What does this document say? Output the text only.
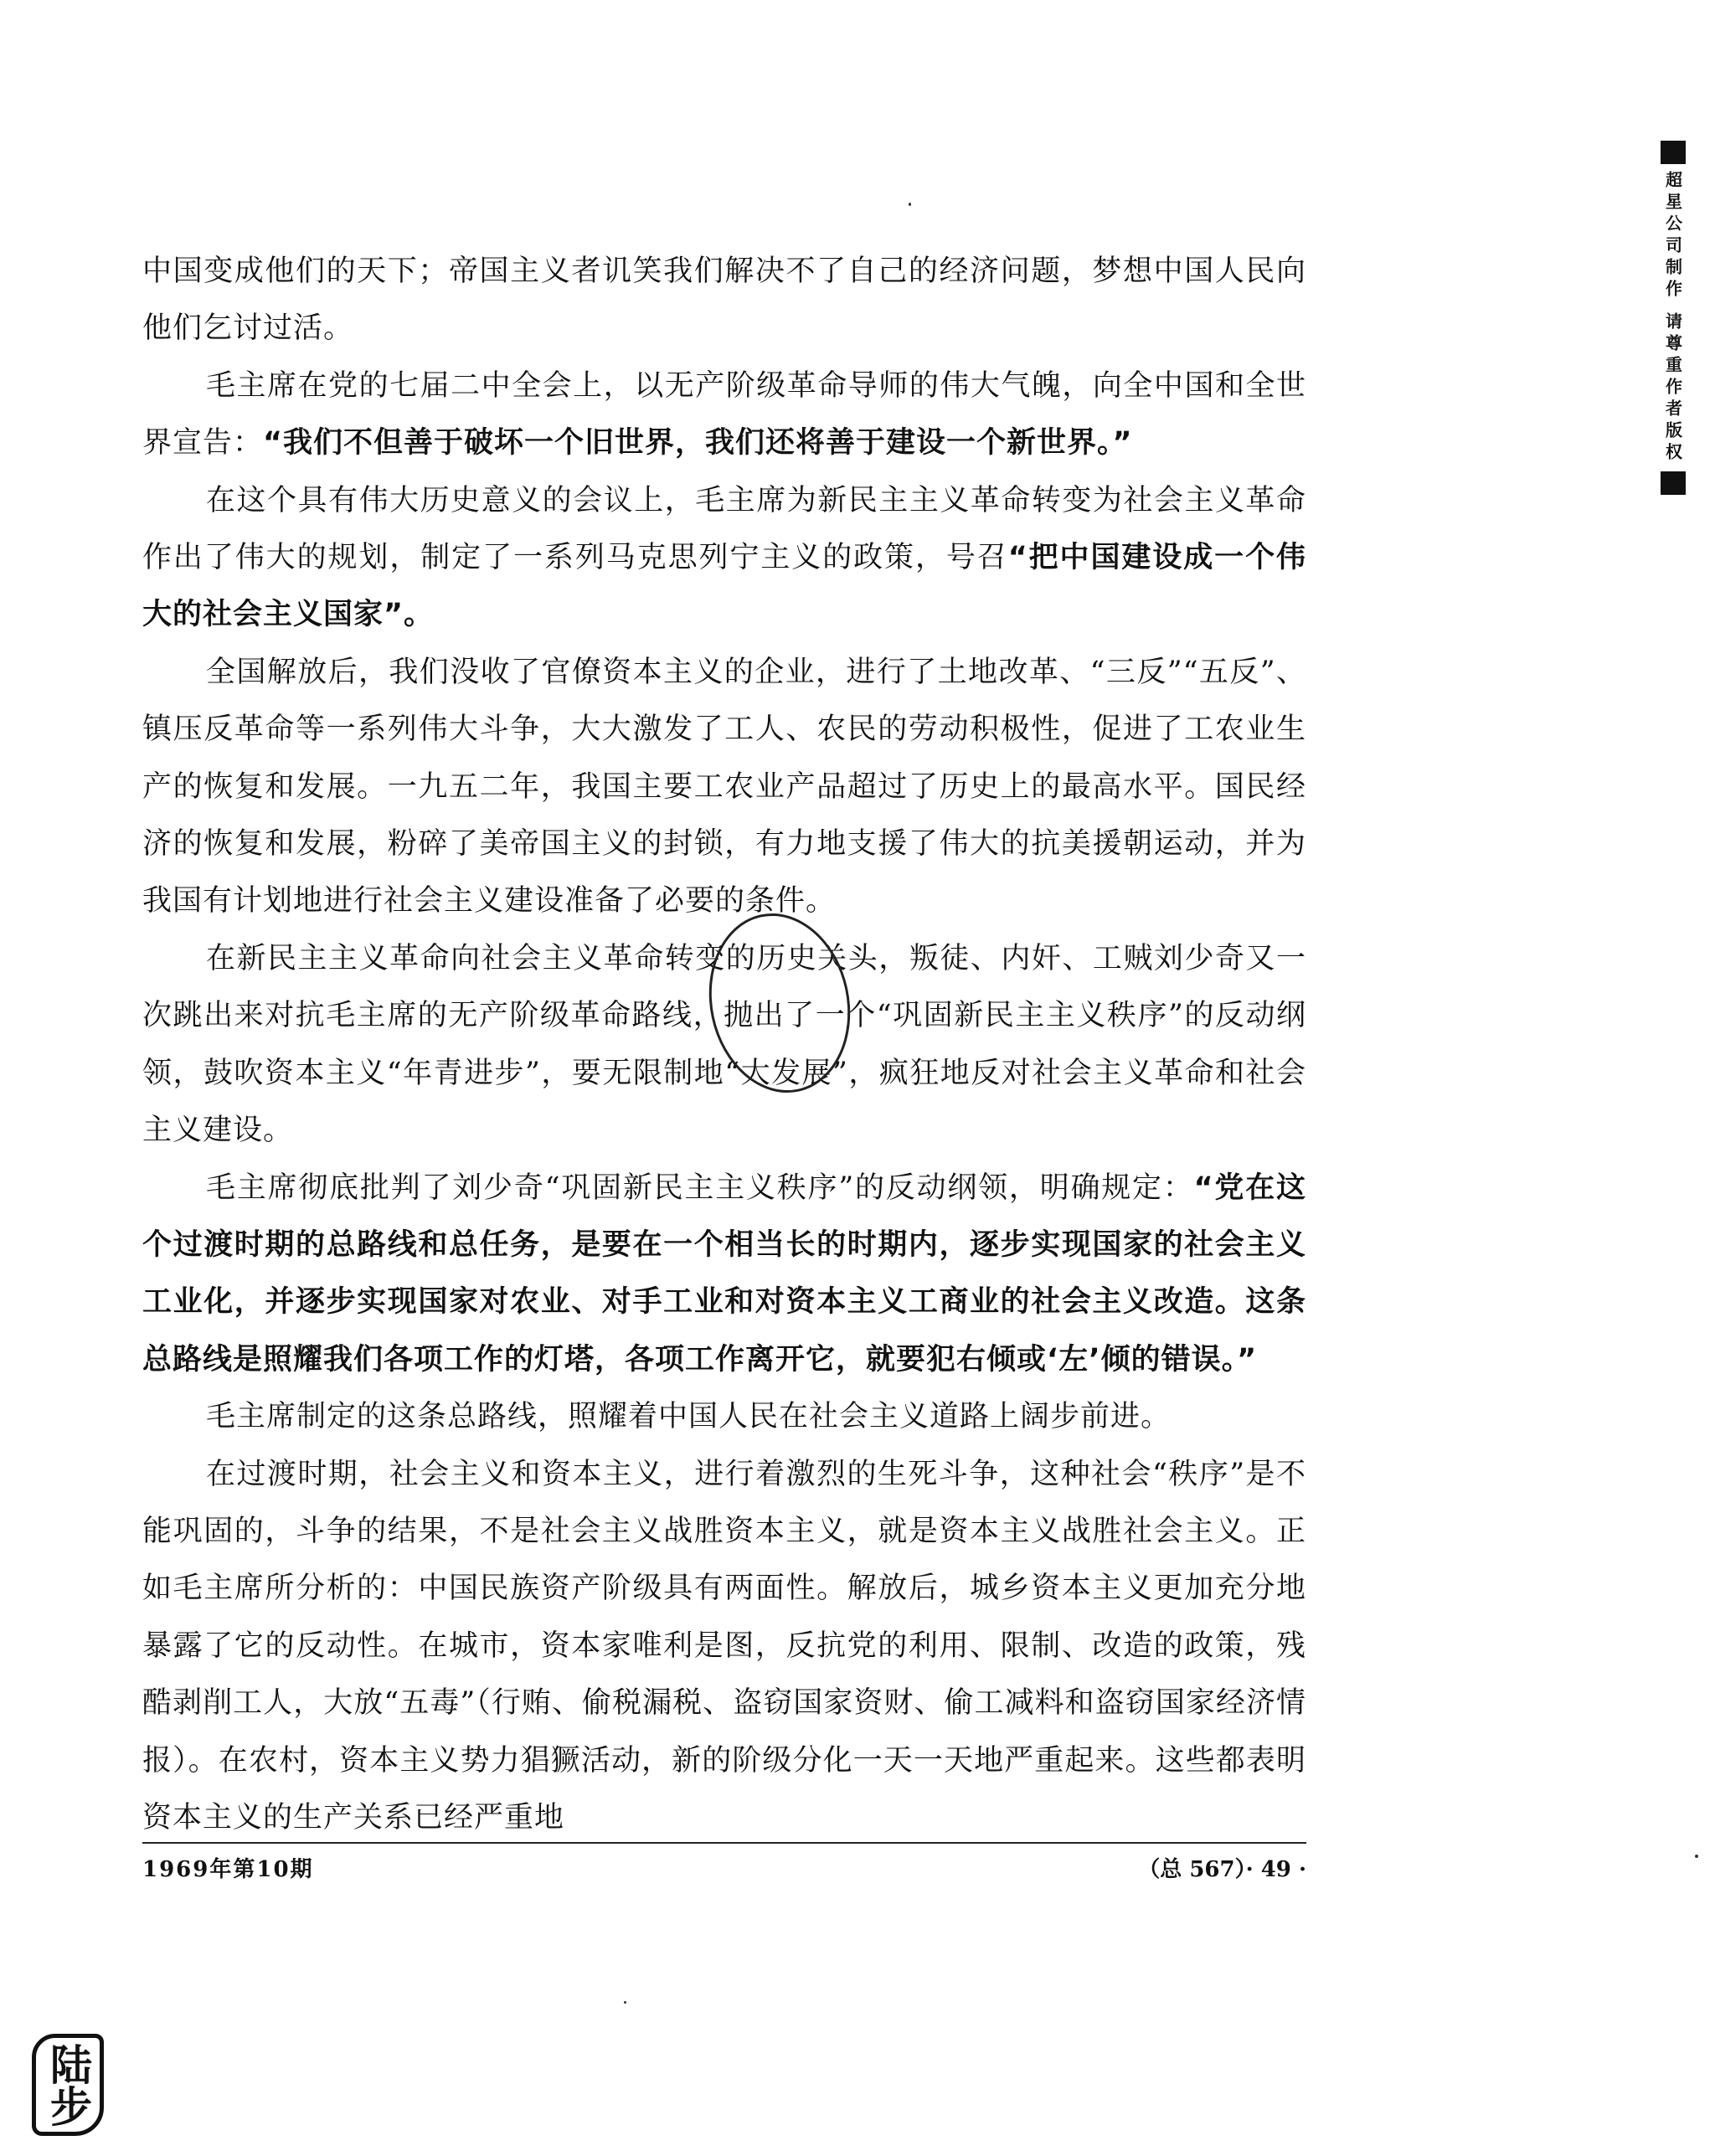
中国变成他们的天下；帝国主义者讥笑我们解决不了自己的经济问题，梦想中国人民向他们乞讨过活。

毛主席在党的七届二中全会上，以无产阶级革命导师的伟大气魄，向全中国和全世界宣告：“我们不但善于破坏一个旧世界，我们还将善于建设一个新世界。”

在这个具有伟大历史意义的会议上，毛主席为新民主主义革命转变为社会主义革命作出了伟大的规划，制定了一系列马克思列宁主义的政策，号召“把中国建设成一个伟大的社会主义国家”。

全国解放后，我们没收了官僚资本主义的企业，进行了土地改革、“三反”“五反”、镇压反革命等一系列伟大斗争，大大激发了工人、农民的劳动积极性，促进了工农业生产的恢复和发展。一九五二年，我国主要工农业产品超过了历史上的最高水平。国民经济的恢复和发展，粉碎了美帝国主义的封锁，有力地支援了伟大的抗美援朝运动，并为我国有计划地进行社会主义建设准备了必要的条件。

在新民主主义革命向社会主义革命转变的历史关头，叛徒、内奸、工贼刘少奇又一次跳出来对抗毛主席的无产阶级革命路线，抛出了一个“巩固新民主主义秩序”的反动纲领，鼓吹资本主义“年青进步”，要无限制地“大发展”，疯狂地反对社会主义革命和社会主义建设。

毛主席彻底批判了刘少奇“巩固新民主主义秩序”的反动纲领，明确规定：“党在这个过渡时期的总路线和总任务，是要在一个相当长的时期内，逐步实现国家的社会主义工业化，并逐步实现国家对农业、对手工业和对资本主义工商业的社会主义改造。这条总路线是照耀我们各项工作的灯塔，各项工作离开它，就要犯右倾或‘左’倾的错误。”

毛主席制定的这条总路线，照耀着中国人民在社会主义道路上阔步前进。

在过渡时期，社会主义和资本主义，进行着激烈的生死斗争，这种社会“秩序”是不能巩固的，斗争的结果，不是社会主义战胜资本主义，就是资本主义战胜社会主义。正如毛主席所分析的：中国民族资产阶级具有两面性。解放后，城乡资本主义更加充分地暴露了它的反动性。在城市，资本家唯利是图，反抗党的利用、限制、改造的政策，残酷剥削工人，大放“五毒”（行贿、偷税漏税、盗窃国家资财、偷工减料和盗窃国家经济情报）。在农村，资本主义势力猖獗活动，新的阶级分化一天一天地严重起来。这些都表明资本主义的生产关系已经严重地

1969年第10期	（总 567）· 49 ·
超星公司制作 请尊重作者版权
陆步
